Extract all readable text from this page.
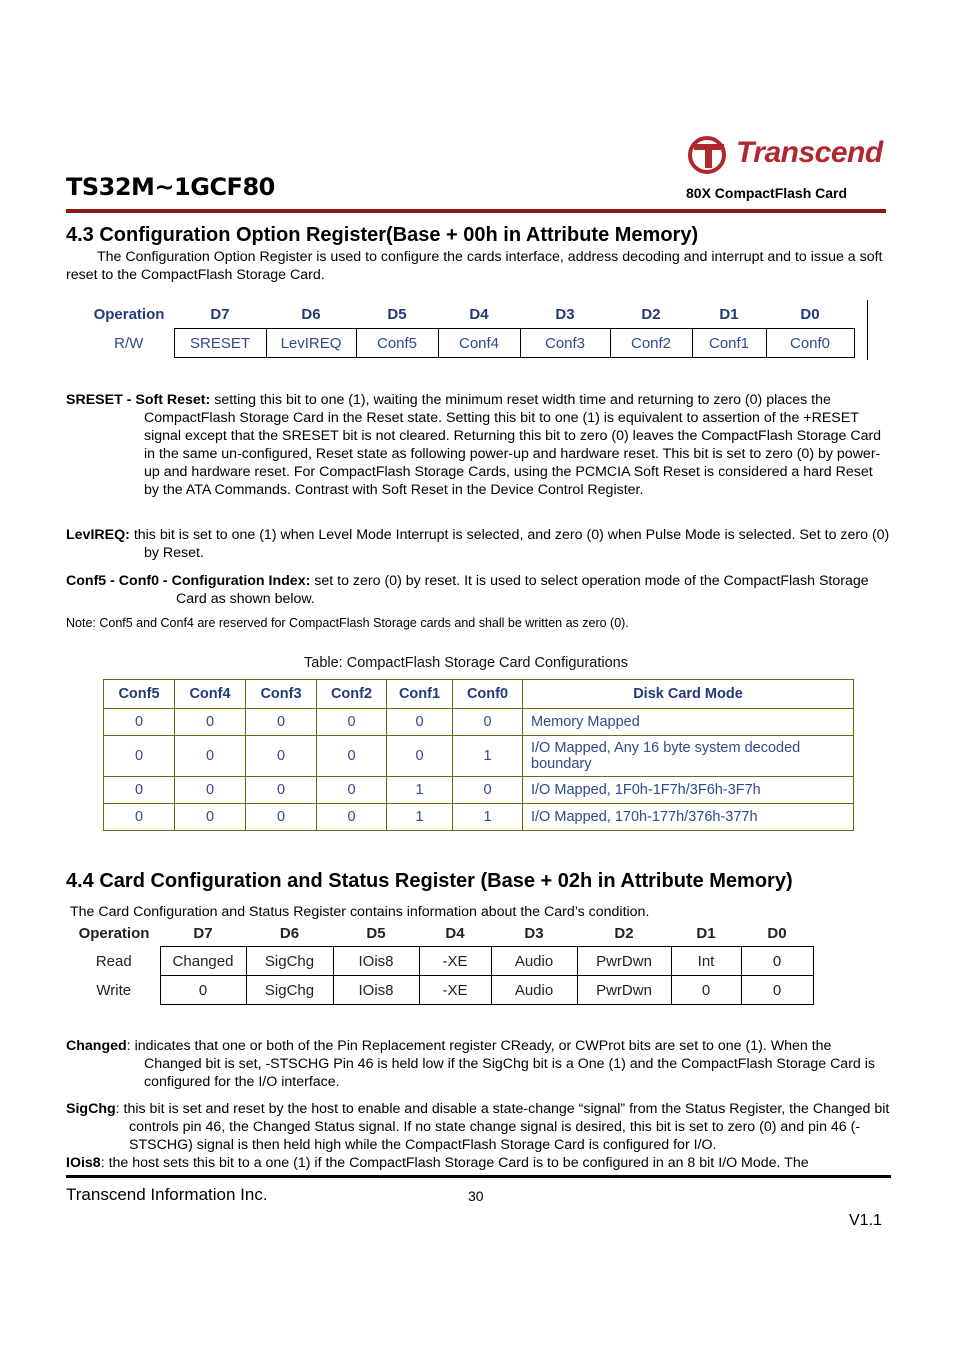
Transcend
TS32M~1GCF80	80X CompactFlash Card
4.3 Configuration Option Register(Base + 00h in Attribute Memory)
The Configuration Option Register is used to configure the cards interface, address decoding and interrupt and to issue a soft reset to the CompactFlash Storage Card.
Operation	D7	D6	D5	D4	D3	D2	D1	D0
R/W	SRESET	LevIREQ	Conf5	Conf4	Conf3	Conf2	Conf1	Conf0
SRESET - Soft Reset: setting this bit to one (1), waiting the minimum reset width time and returning to zero (0) places the CompactFlash Storage Card in the Reset state. Setting this bit to one (1) is equivalent to assertion of the +RESET signal except that the SRESET bit is not cleared. Returning this bit to zero (0) leaves the CompactFlash Storage Card in the same un-configured, Reset state as following power-up and hardware reset. This bit is set to zero (0) by power-up and hardware reset. For CompactFlash Storage Cards, using the PCMCIA Soft Reset is considered a hard Reset by the ATA Commands. Contrast with Soft Reset in the Device Control Register.
LevIREQ: this bit is set to one (1) when Level Mode Interrupt is selected, and zero (0) when Pulse Mode is selected. Set to zero (0) by Reset.
Conf5 - Conf0 - Configuration Index: set to zero (0) by reset. It is used to select operation mode of the CompactFlash Storage Card as shown below.
Note: Conf5 and Conf4 are reserved for CompactFlash Storage cards and shall be written as zero (0).
Table: CompactFlash Storage Card Configurations
Conf5	Conf4	Conf3	Conf2	Conf1	Conf0	Disk Card Mode
0	0	0	0	0	0	Memory Mapped
0	0	0	0	0	1	I/O Mapped, Any 16 byte system decoded boundary
0	0	0	0	1	0	I/O Mapped, 1F0h-1F7h/3F6h-3F7h
0	0	0	0	1	1	I/O Mapped, 170h-177h/376h-377h
4.4 Card Configuration and Status Register (Base + 02h in Attribute Memory)
The Card Configuration and Status Register contains information about the Card’s condition.
Operation	D7	D6	D5	D4	D3	D2	D1	D0
Read	Changed	SigChg	IOis8	-XE	Audio	PwrDwn	Int	0
Write	0	SigChg	IOis8	-XE	Audio	PwrDwn	0	0
Changed: indicates that one or both of the Pin Replacement register CReady, or CWProt bits are set to one (1). When the Changed bit is set, -STSCHG Pin 46 is held low if the SigChg bit is a One (1) and the CompactFlash Storage Card is configured for the I/O interface.
SigChg: this bit is set and reset by the host to enable and disable a state-change “signal” from the Status Register, the Changed bit controls pin 46, the Changed Status signal. If no state change signal is desired, this bit is set to zero (0) and pin 46 (-STSCHG) signal is then held high while the CompactFlash Storage Card is configured for I/O.
IOis8: the host sets this bit to a one (1) if the CompactFlash Storage Card is to be configured in an 8 bit I/O Mode. The
Transcend Information Inc.	30
V1.1
